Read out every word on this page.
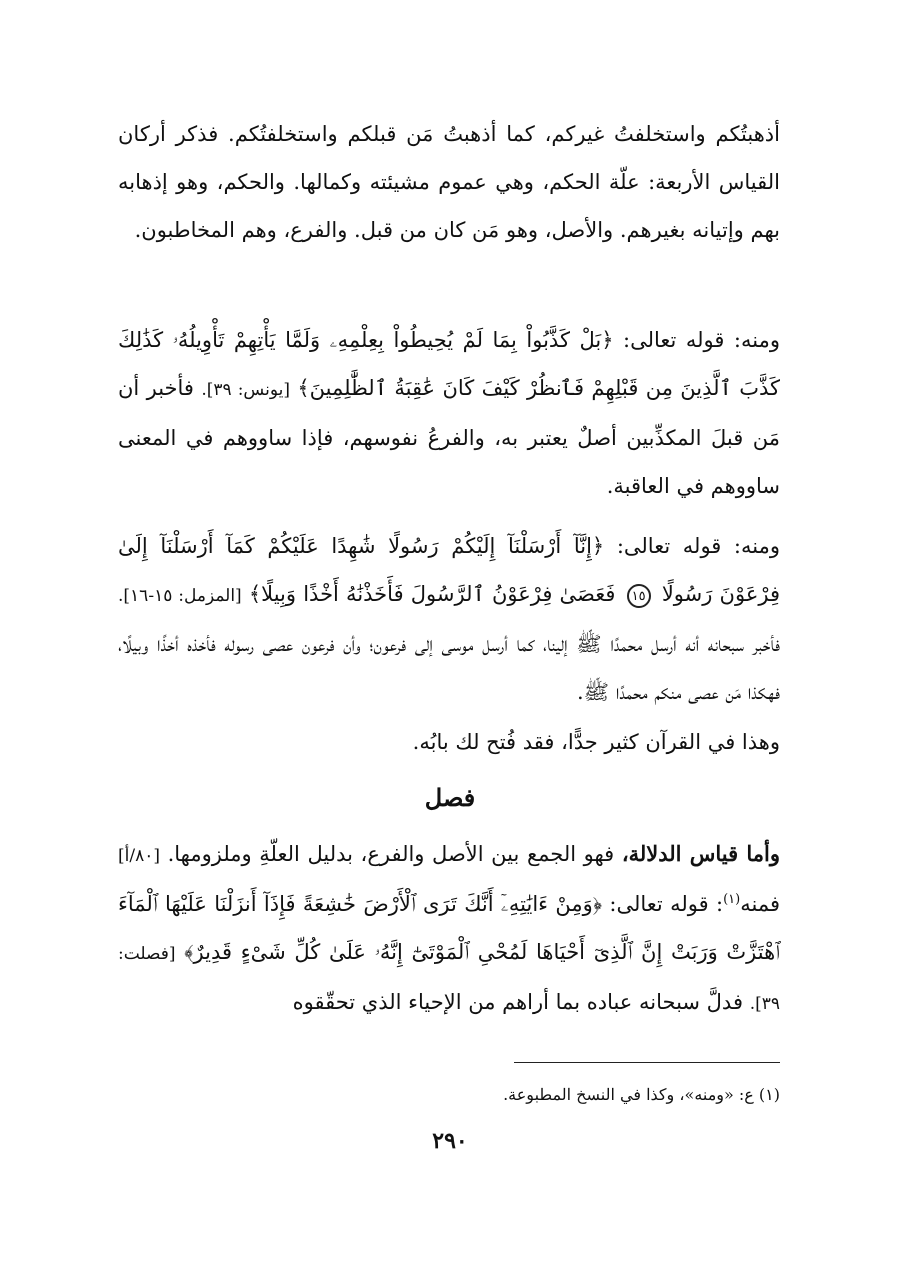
أذهبتُكم واستخلفتُ غيركم، كما أذهبتُ مَن قبلكم واستخلفتُكم. فذكر أركان القياس الأربعة: علّة الحكم، وهي عموم مشيئته وكمالها. والحكم، وهو إذهابه بهم وإتيانه بغيرهم. والأصل، وهو مَن كان من قبل. والفرع، وهم المخاطبون.
ومنه: قوله تعالى: ﴿بَلْ كَذَّبُواْ بِمَا لَمْ يُحِيطُواْ بِعِلْمِهِۦ وَلَمَّا يَأْتِهِمْ تَأْوِيلُهُۥ كَذَٰلِكَ كَذَّبَ ٱلَّذِينَ مِن قَبْلِهِمْ فَٱنظُرْ كَيْفَ كَانَ عَٰقِبَةُ ٱلظَّٰلِمِينَ﴾ [يونس: ٣٩]. فأخبر أن مَن قبلَ المكذِّبين أصلٌ يعتبر به، والفرعُ نفوسهم، فإذا ساووهم في المعنى ساووهم في العاقبة.
ومنه: قوله تعالى: ﴿إِنَّآ أَرْسَلْنَآ إِلَيْكُمْ رَسُولًا شَٰهِدًا عَلَيْكُمْ كَمَآ أَرْسَلْنَآ إِلَىٰ فِرْعَوْنَ رَسُولًا ١٥ فَعَصَىٰ فِرْعَوْنُ ٱلرَّسُولَ فَأَخَذْنَٰهُ أَخْذًا وَبِيلًا﴾ [المزمل: ١٥-١٦]. فأخبر سبحانه أنه أرسل محمدًا ﷺ إلينا، كما أرسل موسى إلى فرعون؛ وأن فرعون عصى رسوله فأخذه أخذًا وبيلًا، فهكذا مَن عصى منكم محمدًا ﷺ.
وهذا في القرآن كثير جدًّا، فقد فُتح لك بابُه.
فصل
وأما قياس الدلالة، فهو الجمع بين الأصل والفرع، بدليل العلّةِ وملزومها. [٨٠/أ] فمنه$^{(١)}$: قوله تعالى: ﴿وَمِنْ ءَايَٰتِهِۦٓ أَنَّكَ تَرَى ٱلْأَرْضَ خَٰشِعَةً فَإِذَآ أَنزَلْنَا عَلَيْهَا ٱلْمَآءَ ٱهْتَزَّتْ وَرَبَتْ إِنَّ ٱلَّذِىٓ أَحْيَاهَا لَمُحْىِ ٱلْمَوْتَىٰٓ إِنَّهُۥ عَلَىٰ كُلِّ شَىْءٍ قَدِيرٌ﴾ [فصلت: ٣٩]. فدلَّ سبحانه عباده بما أراهم من الإحياء الذي تحقّقوه
(١) ع: «ومنه»، وكذا في النسخ المطبوعة.
٢٩٠
